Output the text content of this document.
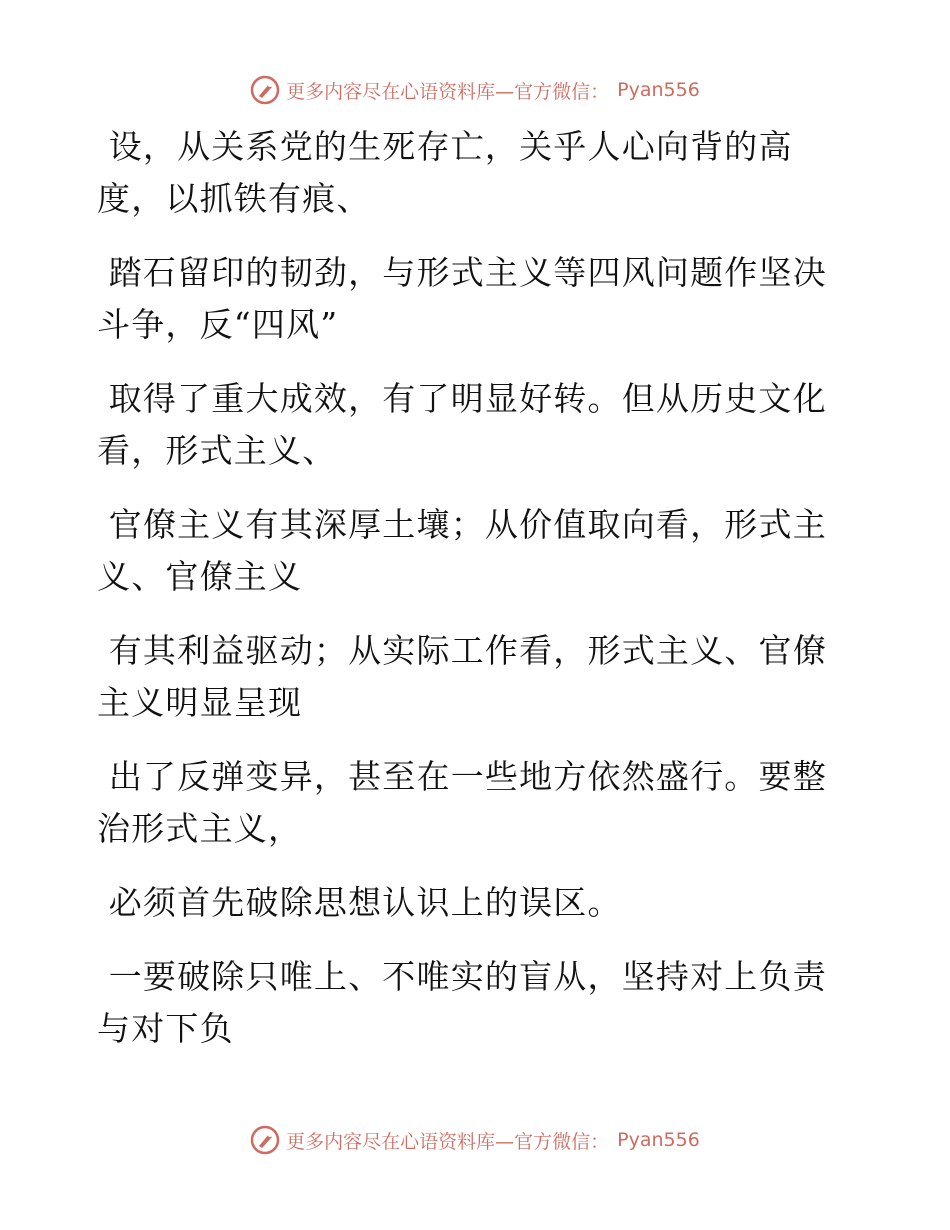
更多内容尽在心语资料库—官方微信： Pyan556

设，从关系党的生死存亡，关乎人心向背的高度，以抓铁有痕、

踏石留印的韧劲，与形式主义等四风问题作坚决斗争，反“四风”

取得了重大成效，有了明显好转。但从历史文化看，形式主义、

官僚主义有其深厚土壤；从价值取向看，形式主义、官僚主义

有其利益驱动；从实际工作看，形式主义、官僚主义明显呈现

出了反弹变异，甚至在一些地方依然盛行。要整治形式主义，

必须首先破除思想认识上的误区。

一要破除只唯上、不唯实的盲从，坚持对上负责与对下负

更多内容尽在心语资料库—官方微信： Pyan556
